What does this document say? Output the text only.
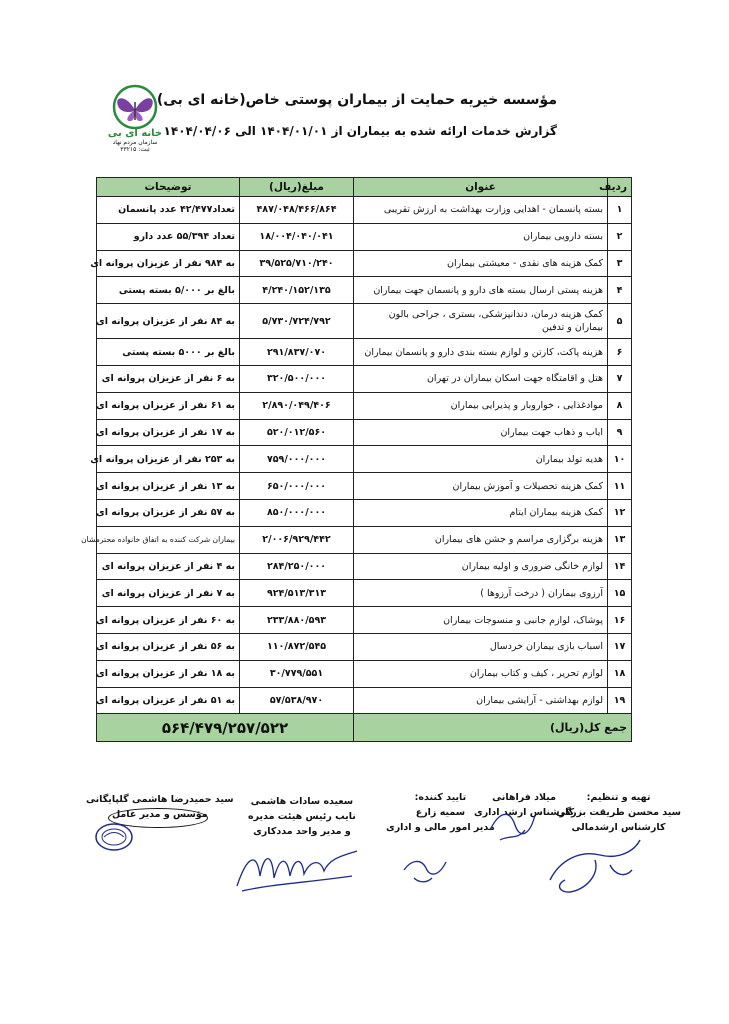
خانه ای بی
سازمان مردم نهاد
ثبت: ۳۳۲۱۵
مؤسسه خیریه حمایت از بیماران پوستی خاص(خانه ای بی)
گزارش خدمات ارائه شده به بیماران از ۱۴۰۴/۰۱/۰۱ الی ۱۴۰۴/۰۴/۰۶
ردیف	عنوان	مبلغ(ریال)	توضیحات
۱	بسته پانسمان - اهدایی وزارت بهداشت به ارزش تقریبی	۴۸۷/۰۴۸/۴۶۶/۸۶۴	تعداد۴۲/۴۷۷ عدد پانسمان
۲	بسته دارویی بیماران	۱۸/۰۰۴/۰۴۰/۰۴۱	تعداد ۵۵/۳۹۴ عدد دارو
۳	کمک هزینه های نقدی - معیشتی بیماران	۳۹/۵۲۵/۷۱۰/۲۴۰	به ۹۸۴ نفر از عزیزان پروانه ای
۴	هزینه پستی ارسال بسته های دارو و پانسمان جهت بیماران	۴/۲۴۰/۱۵۲/۱۳۵	بالغ بر ۵/۰۰۰ بسته پستی
۵	کمک هزینه درمان، دندانپزشکی، بستری ، جراحی بالون بیماران و تدفین	۵/۷۳۰/۷۲۴/۷۹۲	به ۸۴ نفر از عزیزان پروانه ای
۶	هزینه پاکت، کارتن و لوازم بسته بندی دارو و پانسمان بیماران	۲۹۱/۸۳۷/۰۷۰	بالغ بر ۵۰۰۰ بسته پستی
۷	هتل و اقامتگاه جهت اسکان بیماران در تهران	۳۲۰/۵۰۰/۰۰۰	به ۶ نفر از عزیزان پروانه ای
۸	موادغذایی ، خواروبار و پذیرایی بیماران	۲/۸۹۰/۰۴۹/۴۰۶	به ۶۱ نفر از عزیزان پروانه ای
۹	ایاب و ذهاب جهت بیماران	۵۲۰/۰۱۲/۵۶۰	به ۱۷ نفر از عزیزان پروانه ای
۱۰	هدیه تولد بیماران	۷۵۹/۰۰۰/۰۰۰	به ۲۵۳ نفر از عزیزان پروانه ای
۱۱	کمک هزینه تحصیلات و آموزش بیماران	۶۵۰/۰۰۰/۰۰۰	به ۱۳ نفر از عزیزان پروانه ای
۱۲	کمک هزینه بیماران ایتام	۸۵۰/۰۰۰/۰۰۰	به ۵۷ نفر از عزیزان پروانه ای
۱۳	هزینه برگزاری مراسم و جشن های بیماران	۲/۰۰۶/۹۲۹/۴۴۲	بیماران شرکت کننده به اتفاق خانواده محترمشان
۱۴	لوازم خانگی ضروری و اولیه بیماران	۲۸۴/۲۵۰/۰۰۰	به ۴ نفر از عزیزان پروانه ای
۱۵	آرزوی بیماران ( درخت آرزوها )	۹۲۴/۵۱۳/۳۱۳	به ۷ نفر از عزیزان پروانه ای
۱۶	پوشاک، لوازم جانبی و منسوجات بیماران	۲۳۳/۸۸۰/۵۹۳	به ۶۰ نفر از عزیزان پروانه ای
۱۷	اسباب بازی بیماران خردسال	۱۱۰/۸۷۲/۵۴۵	به ۵۶ نفر از عزیزان پروانه ای
۱۸	لوازم تحریر ، کیف و کتاب بیماران	۳۰/۷۷۹/۵۵۱	به ۱۸ نفر از عزیزان پروانه ای
۱۹	لوازم بهداشتی - آرایشی بیماران	۵۷/۵۳۸/۹۷۰	به ۵۱ نفر از عزیزان پروانه ای
جمع کل(ریال)		۵۶۴/۴۷۹/۲۵۷/۵۲۲	
تهیه و تنظیم:
سید محسن طریقت بزرگی
کارشناس ارشدمالی
میلاد فراهانی
کارشناس ارشد اداری
تایید کننده:
سمیه زارع
مدیر امور مالی و اداری
سعیده سادات هاشمی
نایب رئیس هیئت مدیره
و مدیر واحد مددکاری
سید حمیدرضا هاشمی گلپایگانی
مؤسس و مدیر عامل
